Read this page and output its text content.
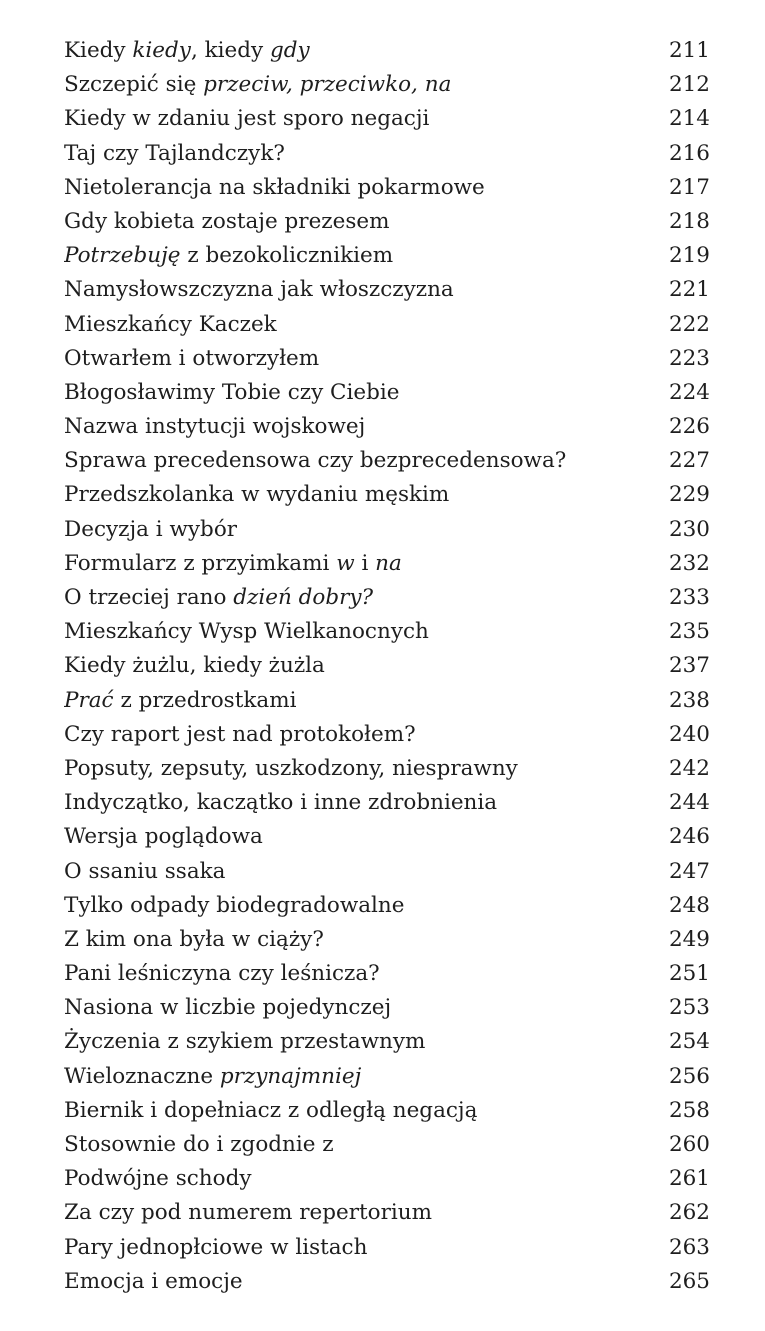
Kiedy kiedy, kiedy gdy	211
Szczepić się przeciw, przeciwko, na	212
Kiedy w zdaniu jest sporo negacji	214
Taj czy Tajlandczyk?	216
Nietolerancja na składniki pokarmowe	217
Gdy kobieta zostaje prezesem	218
Potrzebuję z bezokolicznikiem	219
Namysłowszczyzna jak włoszczyzna	221
Mieszkańcy Kaczek	222
Otwarłem i otworzyłem	223
Błogosławimy Tobie czy Ciebie	224
Nazwa instytucji wojskowej	226
Sprawa precedensowa czy bezprecedensowa?	227
Przedszkolanka w wydaniu męskim	229
Decyzja i wybór	230
Formularz z przyimkami w i na	232
O trzeciej rano dzień dobry?	233
Mieszkańcy Wysp Wielkanocnych	235
Kiedy żużlu, kiedy żużla	237
Prać z przedrostkami	238
Czy raport jest nad protokołem?	240
Popsuty, zepsuty, uszkodzony, niesprawny	242
Indyczątko, kaczątko i inne zdrobnienia	244
Wersja poglądowa	246
O ssaniu ssaka	247
Tylko odpady biodegradowalne	248
Z kim ona była w ciąży?	249
Pani leśniczyna czy leśnicza?	251
Nasiona w liczbie pojedynczej	253
Życzenia z szykiem przestawnym	254
Wieloznaczne przynajmniej	256
Biernik i dopełniacz z odległą negacją	258
Stosownie do i zgodnie z	260
Podwójne schody	261
Za czy pod numerem repertorium	262
Pary jednopłciowe w listach	263
Emocja i emocje	265
